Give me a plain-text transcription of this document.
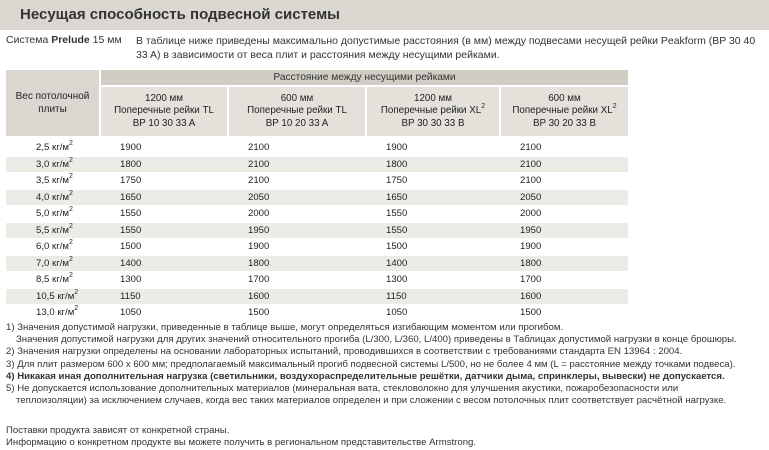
Несущая способность подвесной системы
Система Prelude 15 мм В таблице ниже приведены максимально допустимые расстояния (в мм) между подвесами несущей рейки Peakform (BP 30 40 33 A) в зависимости от веса плит и расстояния между несущими рейками.
Вес потолочной
плиты	Расстояние между несущими рейками			
	1200 мм
Поперечные рейки TL
BP 10 30 33 A	600 мм
Поперечные рейки TL
BP 10 20 33 A	1200 мм
Поперечные рейки $XL^2$
BP 30 30 33 B	600 мм
Поперечные рейки $XL^2$
BP 30 20 33 B

2,5 $кг/м^2$	1900	2100	1900	2100
3,0 $кг/м^2$	1800	2100	1800	2100
3,5 $кг/м^2$	1750	2100	1750	2100
4,0 $кг/м^2$	1650	2050	1650	2050
5,0 $кг/м^2$	1550	2000	1550	2000
5,5 $кг/м^2$	1550	1950	1550	1950
6,0 $кг/м^2$	1500	1900	1500	1900
7,0 $кг/м^2$	1400	1800	1400	1800
8,5 $кг/м^2$	1300	1700	1300	1700
10,5 $кг/м^2$	1150	1600	1150	1600
13,0 $кг/м^2$	1050	1500	1050	1500
1) Значения допустимой нагрузки, приведенные в таблице выше, могут определяться изгибающим моментом или прогибом.
Значения допустимой нагрузки для других значений относительного прогиба (L/300, L/360, L/400) приведены в Таблицах допустимой нагрузки в конце брошюры.
2) Значения нагрузки определены на основании лабораторных испытаний, проводившихся в соответствии с требованиями стандарта EN 13964 : 2004.
3) Для плит размером 600 x 600 мм; предполагаемый максимальный прогиб подвесной системы L/500, но не более 4 мм (L = расстояние между точками подвеса).
4) Никакая иная дополнительная нагрузка (светильники, воздухораспределительные решётки, датчики дыма, спринклеры, вывески) не допускается.
5) Не допускается использование дополнительных материалов (минеральная вата, стекловолокно для улучшения акустики, пожаробезопасности или
теплоизоляции) за исключением случаев, когда вес таких материалов определен и при сложении с весом потолочных плит соответствует расчётной нагрузке.
Поставки продукта зависят от конкретной страны.
Информацию о конкретном продукте вы можете получить в региональном представительстве Armstrong.
